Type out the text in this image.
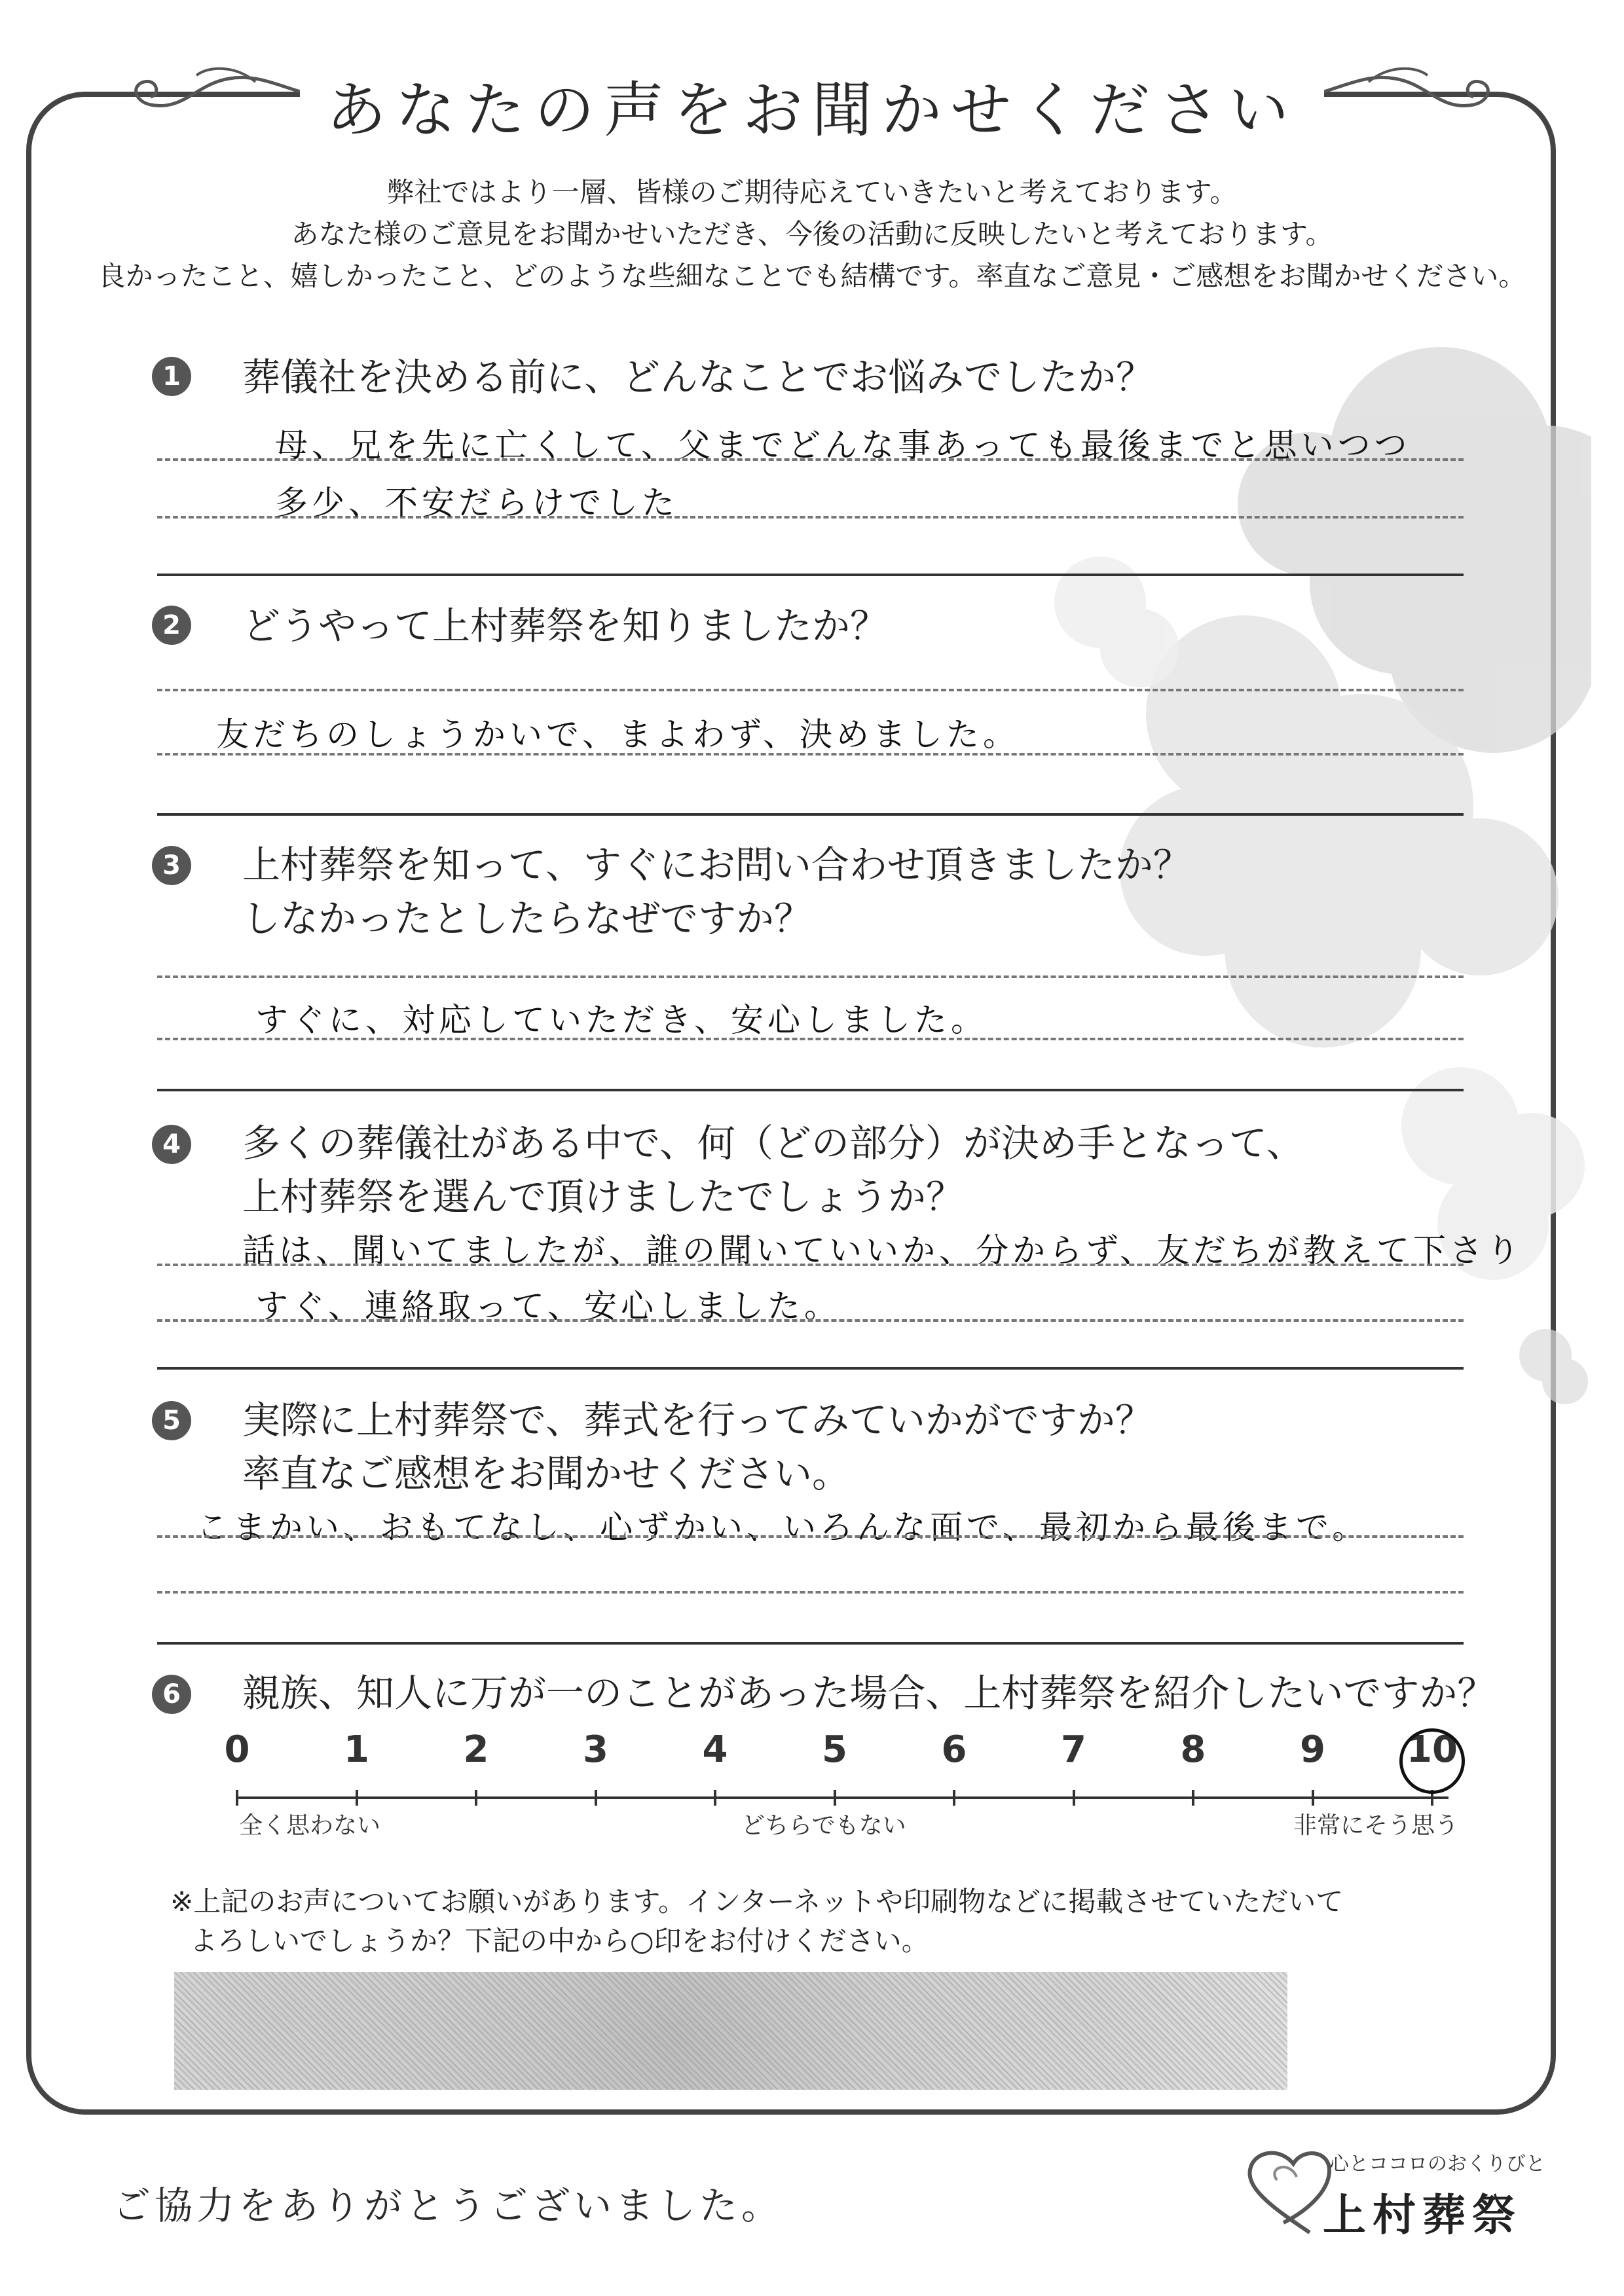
あなたの声をお聞かせください
弊社ではより一層、皆様のご期待応えていきたいと考えております。
あなた様のご意見をお聞かせいただき、今後の活動に反映したいと考えております。
良かったこと、嬉しかったこと、どのような些細なことでも結構です。率直なご意見・ご感想をお聞かせください。
1 葬儀社を決める前に、どんなことでお悩みでしたか？
母、兄を先に亡くして、父までどんな事あっても最後までと思いつつ
多少、不安だらけでした
2 どうやって上村葬祭を知りましたか？
友だちのしょうかいで、まよわず、決めました。
3 上村葬祭を知って、すぐにお問い合わせ頂きましたか？
しなかったとしたらなぜですか？
すぐに、対応していただき、安心しました。
4 多くの葬儀社がある中で、何（どの部分）が決め手となって、
上村葬祭を選んで頂けましたでしょうか？
話は、聞いてましたが、誰の聞いていいか、分からず、友だちが教えて下さり
すぐ、連絡取って、安心しました。
5 実際に上村葬祭で、葬式を行ってみていかがですか？
率直なご感想をお聞かせください。
こまかい、おもてなし、心ずかい、いろんな面で、最初から最後まで。
6 親族、知人に万が一のことがあった場合、上村葬祭を紹介したいですか？
0	1	2	3	4	5	6	7	8	9	10
全く思わない	どちらでもない	非常にそう思う
※上記のお声についてお願いがあります。インターネットや印刷物などに掲載させていただいて
よろしいでしょうか？下記の中から○印をお付けください。
ご協力をありがとうございました。
心とココロのおくりびと
上村葬祭
